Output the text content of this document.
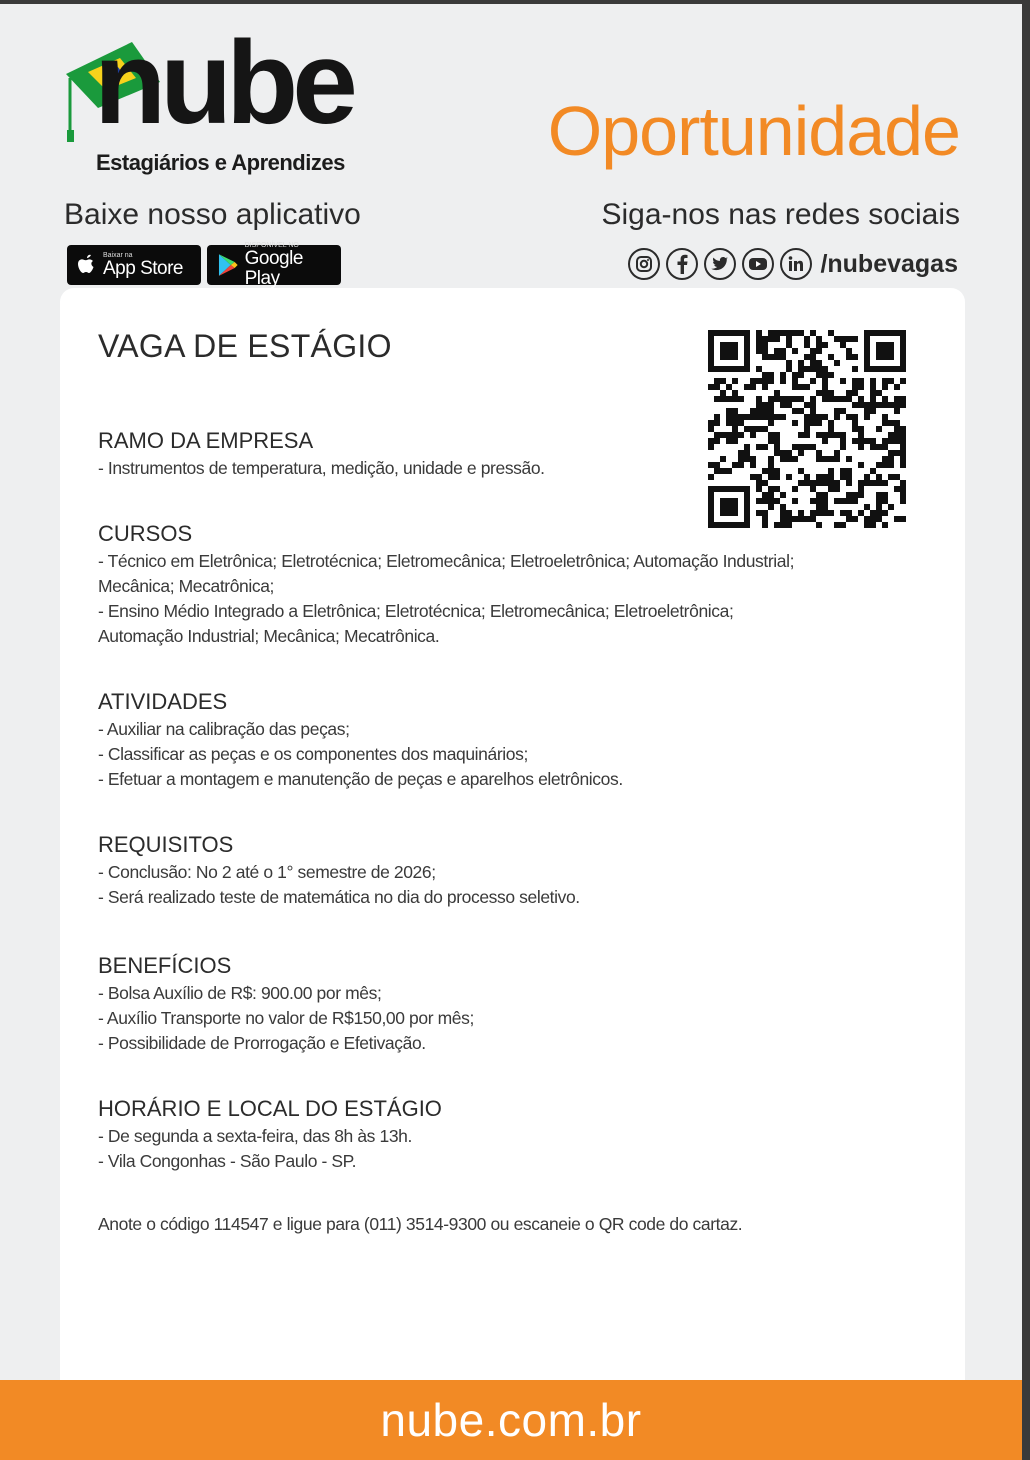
nube
Estagiários e Aprendizes	Oportunidade
Baixe nosso aplicativo	Siga-nos nas redes sociais
Baixar na
App Store
DISPONÍVEL NO
Google Play
/nubevagas
VAGA DE ESTÁGIO
RAMO DA EMPRESA
- Instrumentos de temperatura, medição, unidade e pressão.
CURSOS
- Técnico em Eletrônica; Eletrotécnica; Eletromecânica; Eletroeletrônica; Automação Industrial;
Mecânica; Mecatrônica;
- Ensino Médio Integrado a Eletrônica; Eletrotécnica; Eletromecânica; Eletroeletrônica;
Automação Industrial; Mecânica; Mecatrônica.
ATIVIDADES
- Auxiliar na calibração das peças;
- Classificar as peças e os componentes dos maquinários;
- Efetuar a montagem e manutenção de peças e aparelhos eletrônicos.
REQUISITOS
- Conclusão: No 2 até o 1° semestre de 2026;
- Será realizado teste de matemática no dia do processo seletivo.
BENEFÍCIOS
- Bolsa Auxílio de R$: 900.00 por mês;
- Auxílio Transporte no valor de R$150,00 por mês;
- Possibilidade de Prorrogação e Efetivação.
HORÁRIO E LOCAL DO ESTÁGIO
- De segunda a sexta-feira, das 8h às 13h.
- Vila Congonhas - São Paulo - SP.
Anote o código 114547 e ligue para (011) 3514-9300 ou escaneie o QR code do cartaz.
nube.com.br
